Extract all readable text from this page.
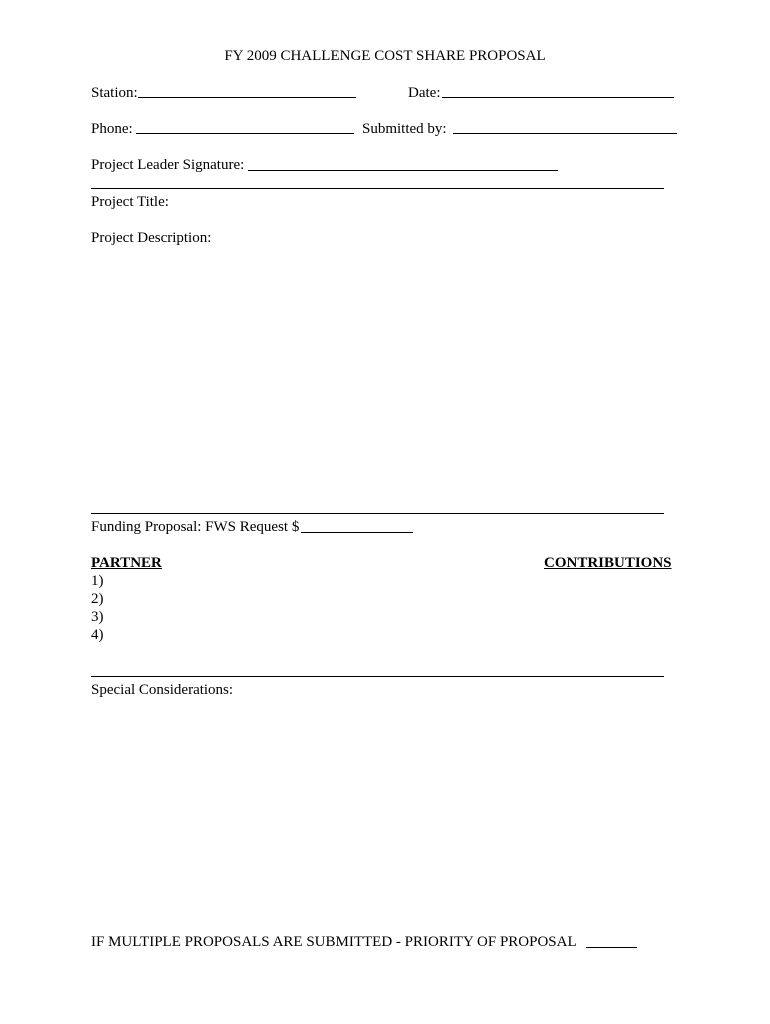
FY 2009 CHALLENGE COST SHARE PROPOSAL
Station:	Date:
Phone:	Submitted by:
Project Leader Signature:
Project Title:
Project Description:
Funding Proposal: FWS Request $
PARTNER	CONTRIBUTIONS
1)
2)
3)
4)
Special Considerations:
IF MULTIPLE PROPOSALS ARE SUBMITTED - PRIORITY OF PROPOSAL
